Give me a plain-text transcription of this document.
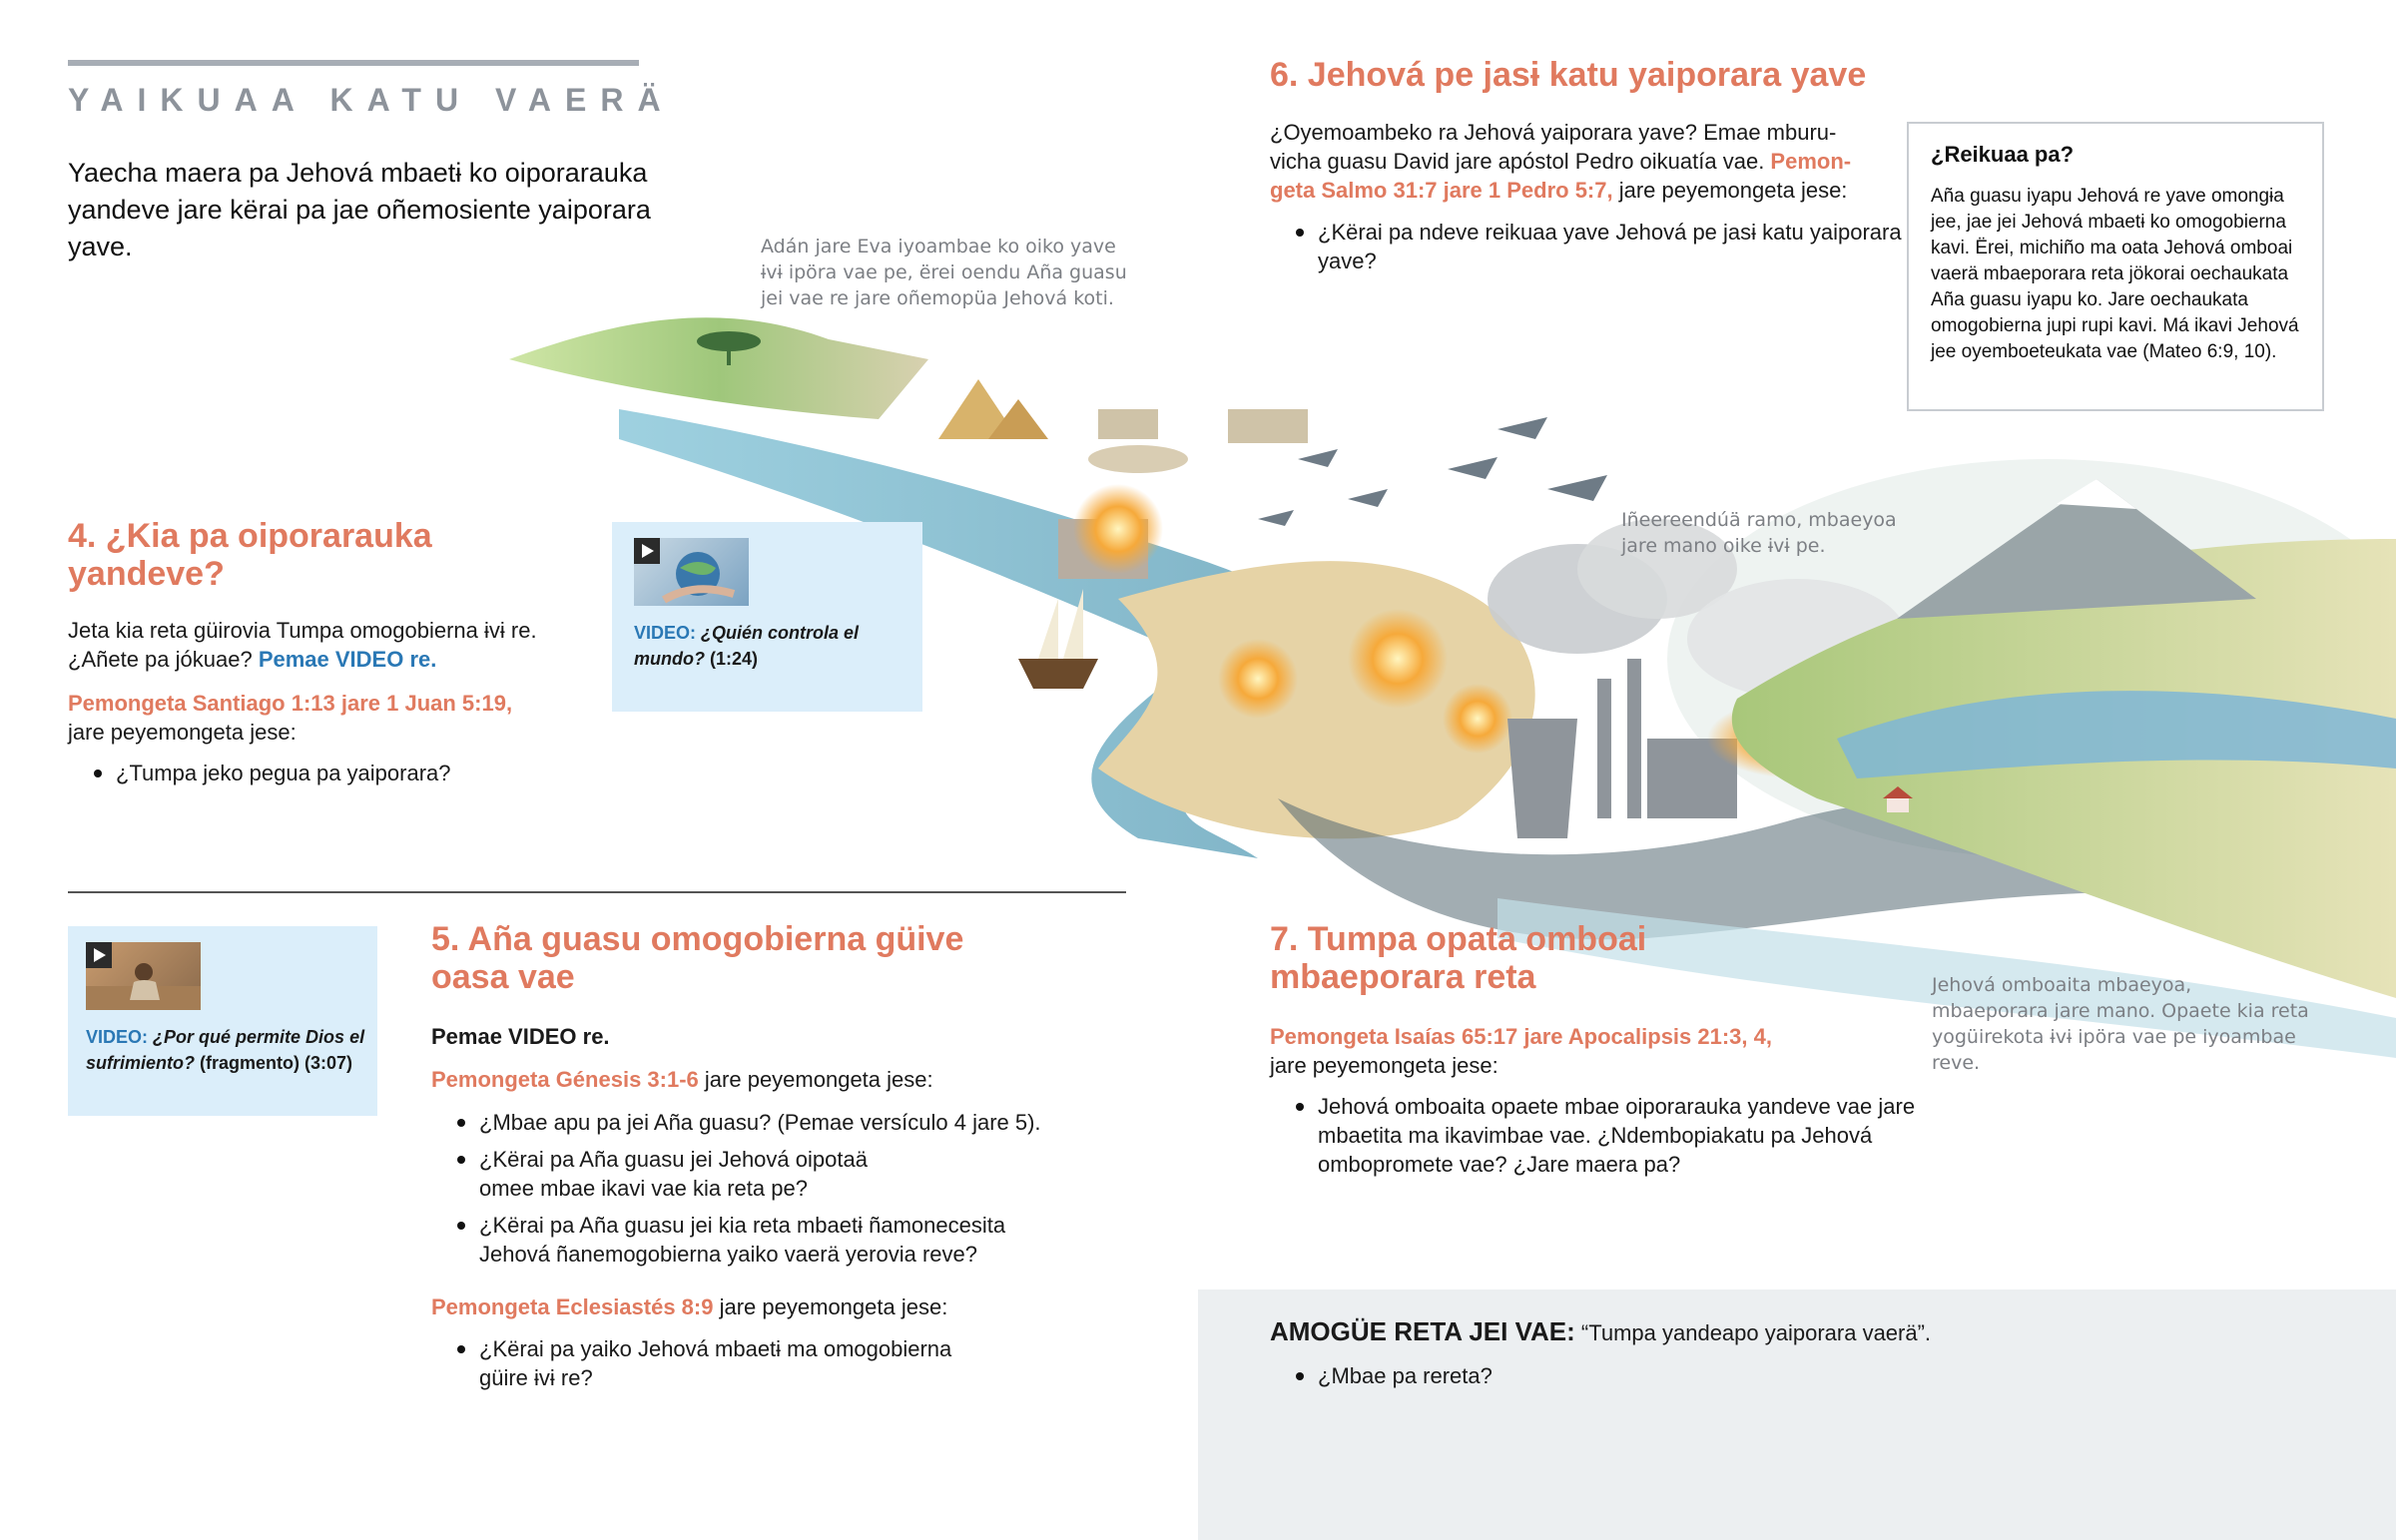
YAIKUAA KATU VAERÄ
Yaecha maera pa Jehová mbaetɨ ko oiporarauka yandeve jare kërai pa jae oñemosiente yaiporara yave.	Adán jare Eva iyoambae ko oiko yave ɨvɨ ipöra vae pe, ërei oendu Aña guasu jei vae re jare oñemopüa Jehová koti.
Iñeereendúä ramo, mbaeyoa jare mano oike ɨvɨ pe.
Jehová omboaita mbaeyoa, mbaeporara jare mano. Opaete kia reta yogüirekota ɨvɨ ipöra vae pe iyoambae reve.
4. ¿Kia pa oiporarauka yandeve?
Jeta kia reta güirovia Tumpa omogobierna ɨvɨ re. ¿Añete pa jókuae? Pemae VIDEO re.
Pemongeta Santiago 1:13 jare 1 Juan 5:19,
jare peyemongeta jese:
¿Tumpa jeko pegua pa yaiporara?
VIDEO: ¿Quién controla el mundo? (1:24)
VIDEO: ¿Por qué permite Dios el sufrimiento? (fragmento) (3:07)
5. Aña guasu omogobierna güive oasa vae
Pemae VIDEO re.
Pemongeta Génesis 3:1-6 jare peyemongeta jese:
¿Mbae apu pa jei Aña guasu? (Pemae versículo 4 jare 5).
¿Kërai pa Aña guasu jei Jehová oipotaä omee mbae ikavi vae kia reta pe?
¿Kërai pa Aña guasu jei kia reta mbaetɨ ñamonecesita Jehová ñanemogobierna yaiko vaerä yerovia reve?
Pemongeta Eclesiastés 8:9 jare peyemongeta jese:
¿Kërai pa yaiko Jehová mbaetɨ ma omogobierna güire ɨvɨ re?
6. Jehová pe jasɨ katu yaiporara yave
¿Oyemoambeko ra Jehová yaiporara yave? Emae mburuvicha guasu David jare apóstol Pedro oikuatía vae. Pemongeta Salmo 31:7 jare 1 Pedro 5:7, jare peyemongeta jese:
¿Kërai pa ndeve reikuaa yave Jehová pe jasɨ katu yaiporara yave?
¿Reikuaa pa?
Aña guasu iyapu Jehová re yave omongɨa jee, jae jei Jehová mbaetɨ ko omogobierna kavi. Ërei, michiño ma oata Jehová omboai vaerä mbaeporara reta jökorai oechaukata Aña guasu iyapu ko. Jare oechaukata omogobierna jupi rupi kavi. Má ikavi Jehová jee oyemboeteukata vae (Mateo 6:9, 10).
7. Tumpa opata omboai mbaeporara reta
Pemongeta Isaías 65:17 jare Apocalipsis 21:3, 4,
jare peyemongeta jese:
Jehová omboaita opaete mbae oiporarauka yandeve vae jare mbaetita ma ikavimbae vae. ¿Ndembopiakatu pa Jehová ombopromete vae? ¿Jare maera pa?
AMOGÜE RETA JEI VAE: “Tumpa yandeapo yaiporara vaerä”.
¿Mbae pa rereta?
